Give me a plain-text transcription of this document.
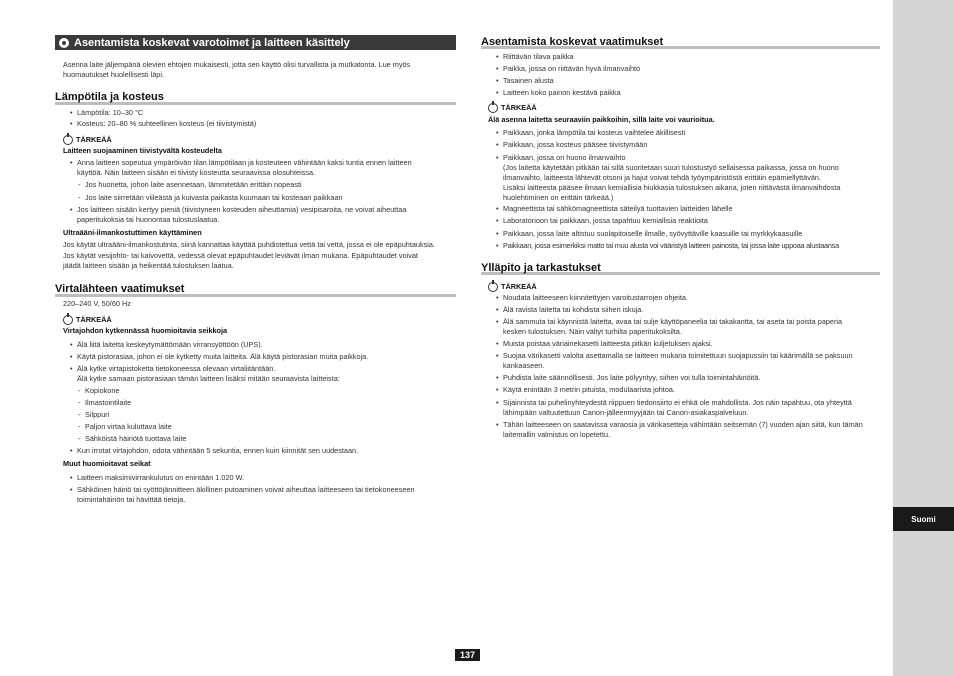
Suomi
Asentamista koskevat varotoimet ja laitteen käsittely
Asenna laite jäljempänä olevien ehtojen mukaisesti, jotta sen käyttö olisi turvallista ja mutkatonta. Lue myös
huomautukset huolellisesti läpi.
Lämpötila ja kosteus
• Lämpötila: 10–30 °C
• Kosteus: 20–80 % suhteellinen kosteus (ei tiivistymistä)
TÄRKEÄÄ
Laitteen suojaaminen tiivistyvältä kosteudelta
• Anna laitteen sopeutua ympäröivän tilan lämpötilaan ja kosteuteen vähintään kaksi tuntia ennen laitteen
käyttöä. Näin laitteen sisään ei tiivisty kosteutta seuraavissa olosuhteissa.
- Jos huonetta, johon laite asennetaan, lämmitetään erittäin nopeasti
- Jos laite siirretään viileästä ja kuivasta paikasta kuumaan tai kosteaan paikkaan
• Jos laitteen sisään kertyy pieniä (tiivistyneen kosteuden aiheuttamia) vesipisaroita, ne voivat aiheuttaa
paperitukoksia tai huonontaa tulostuslaatua.
Ultraääni-ilmankostuttimen käyttäminen
Jos käytät ultraääni-ilmankostutinta, siinä kannattaa käyttää puhdistettua vettä tai vettä, jossa ei ole epäpuhtauksia.
Jos käytät vesijohto- tai kaivovettä, vedessä olevat epäpuhtaudet leviävät ilman mukana. Epäpuhtaudet voivat
jäädä laitteen sisään ja heikentää tulostuksen laatua.
Virtalähteen vaatimukset
220–240 V, 50/60 Hz
TÄRKEÄÄ
Virtajohdon kytkennässä huomioitavia seikkoja
• Älä liitä laitetta keskeytymättömään virransyöttöön (UPS).
• Käytä pistorasiaa, johon ei ole kytketty muita laitteita. Älä käytä pistorasian muita paikkoja.
• Älä kytke virtapistoketta tietokoneessa olevaan virtaliitäntään.
Älä kytke samaan pistorasiaan tämän laitteen lisäksi mitään seuraavista laitteista:
- Kopiokone
- Ilmastointilaite
- Silppuri
- Paljon virtaa kuluttava laite
- Sähköistä häiriötä tuottava laite
• Kun irrotat virtajohdon, odota vähintään 5 sekuntia, ennen kuin kiinnität sen uudestaan.
Muut huomioitavat seikat
• Laitteen maksimivirrankulutus on enintään 1.020 W.
• Sähköinen häiriö tai syöttöjännitteen äkillinen putoaminen voivat aiheuttaa laitteeseen tai tietokoneeseen
toimintahäiriön tai hävittää tietoja.
Asentamista koskevat vaatimukset
• Riittävän tilava paikka
• Paikka, jossa on riittävän hyvä ilmanvaihto
• Tasainen alusta
• Laitteen koko painon kestävä paikka
TÄRKEÄÄ
Älä asenna laitetta seuraaviin paikkoihin, sillä laite voi vaurioitua.
• Paikkaan, jonka lämpötila tai kosteus vaihtelee äkillisesti
• Paikkaan, jossa kosteus pääsee tiivistymään
• Paikkaan, jossa on huono ilmanvaihto
(Jos laitetta käytetään pitkään tai sillä suoritetaan suuri tulostustyö sellaisessa paikassa, jossa on huono
ilmanvaihto, laitteesta lähtevät otsoni ja hajut voivat tehdä työympäristöstä erittäin epämiellyttävän.
Lisäksi laitteesta pääsee ilmaan kemiallisia hiukkasia tulostuksen aikana, joten riittävästä ilmanvaihdosta
huolehtiminen on erittäin tärkeää.)
• Magneettista tai sähkömagneettista säteilyä tuottavien laitteiden lähelle
• Laboratorioon tai paikkaan, jossa tapahtuu kemiallisia reaktioita
• Paikkaan, jossa laite altistuu suolapitoiselle ilmalle, syövyttäville kaasuille tai myrkkykaasuille
• Paikkaan, jossa esimerkiksi matto tai muu alusta voi vääristyä laitteen painosta, tai jossa laite uppoaa alustaansa
Ylläpito ja tarkastukset
TÄRKEÄÄ
• Noudata laitteeseen kiinnitettyjen varoitustarrojen ohjeita.
• Älä ravista laitetta tai kohdista siihen iskuja.
• Älä sammuta tai käynnistä laitetta, avaa tai sulje käyttöpaneelia tai takakantta, tai aseta tai poista paperia
kesken tulostuksen. Näin vältyt turhilta paperitukoksilta.
• Muista poistaa väriainekasetti laitteesta pitkän kuljetuksen ajaksi.
• Suojaa värikasetti valolta asettamalla se laitteen mukana toimitettuun suojapussiin tai käärimällä se paksuun
kankaaseen.
• Puhdista laite säännöllisesti. Jos laite pölyyntyy, siihen voi tulla toimintahäiriöitä.
• Käytä enintään 3 metrin pituista, modulaarista johtoa.
• Sijainnista tai puhelinyhteydestä riippuen tiedonsiirto ei ehkä ole mahdollista. Jos näin tapahtuu, ota yhteyttä
lähimpään valtuutettuun Canon-jälleenmyyjään tai Canon-asiakaspalveluun.
• Tähän laitteeseen on saatavissa varaosia ja värikasetteja vähintään seitsemän (7) vuoden ajan siitä, kun tämän
laitemallin valmistus on lopetettu.
137
